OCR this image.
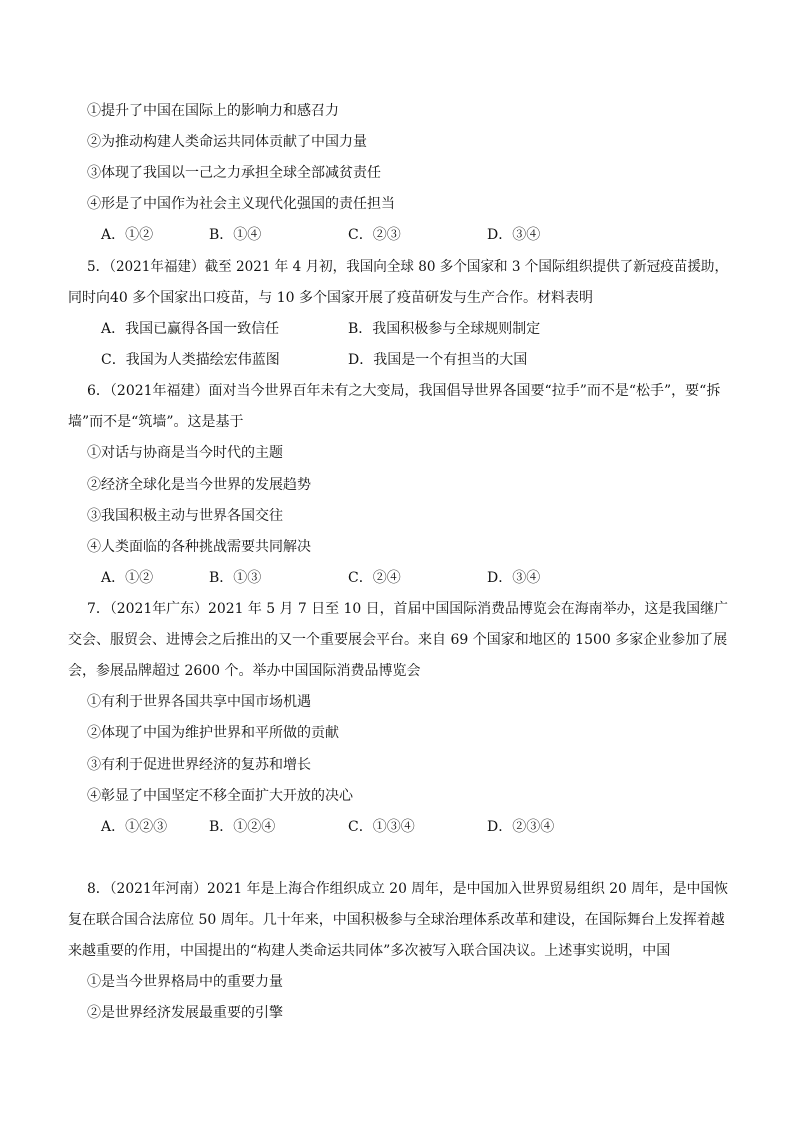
①提升了中国在国际上的影响力和感召力
②为推动构建人类命运共同体贡献了中国力量
③体现了我国以一己之力承担全球全部减贫责任
④形是了中国作为社会主义现代化强国的责任担当
A．①②	B．①④	C．②③	D．③④
5．（2021年福建）截至 2021 年 4 月初，我国向全球 80 多个国家和 3 个国际组织提供了新冠疫苗援助，
同时向40 多个国家出口疫苗，与 10 多个国家开展了疫苗研发与生产合作。材料表明
A．我国已赢得各国一致信任	B．我国积极参与全球规则制定
C．我国为人类描绘宏伟蓝图	D．我国是一个有担当的大国
6．（2021年福建）面对当今世界百年未有之大变局，我国倡导世界各国要“拉手”而不是“松手”，要“拆
墙”而不是“筑墙”。这是基于
①对话与协商是当今时代的主题
②经济全球化是当今世界的发展趋势
③我国积极主动与世界各国交往
④人类面临的各种挑战需要共同解决
A．①②	B．①③	C．②④	D．③④
7．（2021年广东）2021 年 5 月 7 日至 10 日，首届中国国际消费品博览会在海南举办，这是我国继广
交会、服贸会、进博会之后推出的又一个重要展会平台。来自 69 个国家和地区的 1500 多家企业参加了展
会，参展品牌超过 2600 个。举办中国国际消费品博览会
①有利于世界各国共享中国市场机遇
②体现了中国为维护世界和平所做的贡献
③有利于促进世界经济的复苏和增长
④彰显了中国坚定不移全面扩大开放的决心
A．①②③	B．①②④	C．①③④	D．②③④
8．（2021年河南）2021 年是上海合作组织成立 20 周年，是中国加入世界贸易组织 20 周年，是中国恢
复在联合国合法席位 50 周年。几十年来，中国积极参与全球治理体系改革和建设，在国际舞台上发挥着越
来越重要的作用，中国提出的“构建人类命运共同体”多次被写入联合国决议。上述事实说明，中国
①是当今世界格局中的重要力量
②是世界经济发展最重要的引擎
